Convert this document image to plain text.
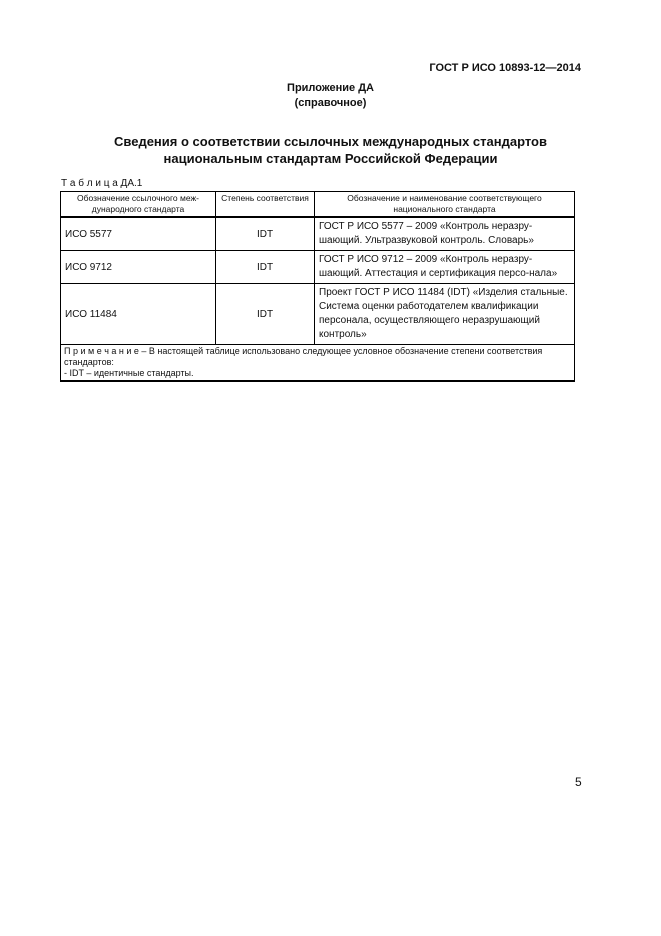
ГОСТ Р ИСО 10893-12—2014
Приложение ДА
(справочное)
Сведения о соответствии ссылочных международных стандартов
национальным стандартам Российской Федерации
Т а б л и ц а ДА.1
Обозначение ссылочного меж-дународного стандарта	Степень соответствия	Обозначение и наименование соответствующего национального стандарта
ИСО 5577	IDT	ГОСТ Р ИСО 5577 – 2009 «Контроль неразру-шающий. Ультразвуковой контроль. Словарь»
ИСО 9712	IDT	ГОСТ Р ИСО 9712 – 2009 «Контроль неразру-шающий. Аттестация и сертификация персо-нала»
ИСО 11484	IDT	Проект ГОСТ Р ИСО 11484 (IDT) «Изделия стальные. Система оценки работодателем квалификации персонала, осуществляющего неразрушающий контроль»

П р и м е ч а н и е – В настоящей таблице использовано следующее условное обозначение степени соответствия стандартов:
- IDT – идентичные стандарты.		
5
